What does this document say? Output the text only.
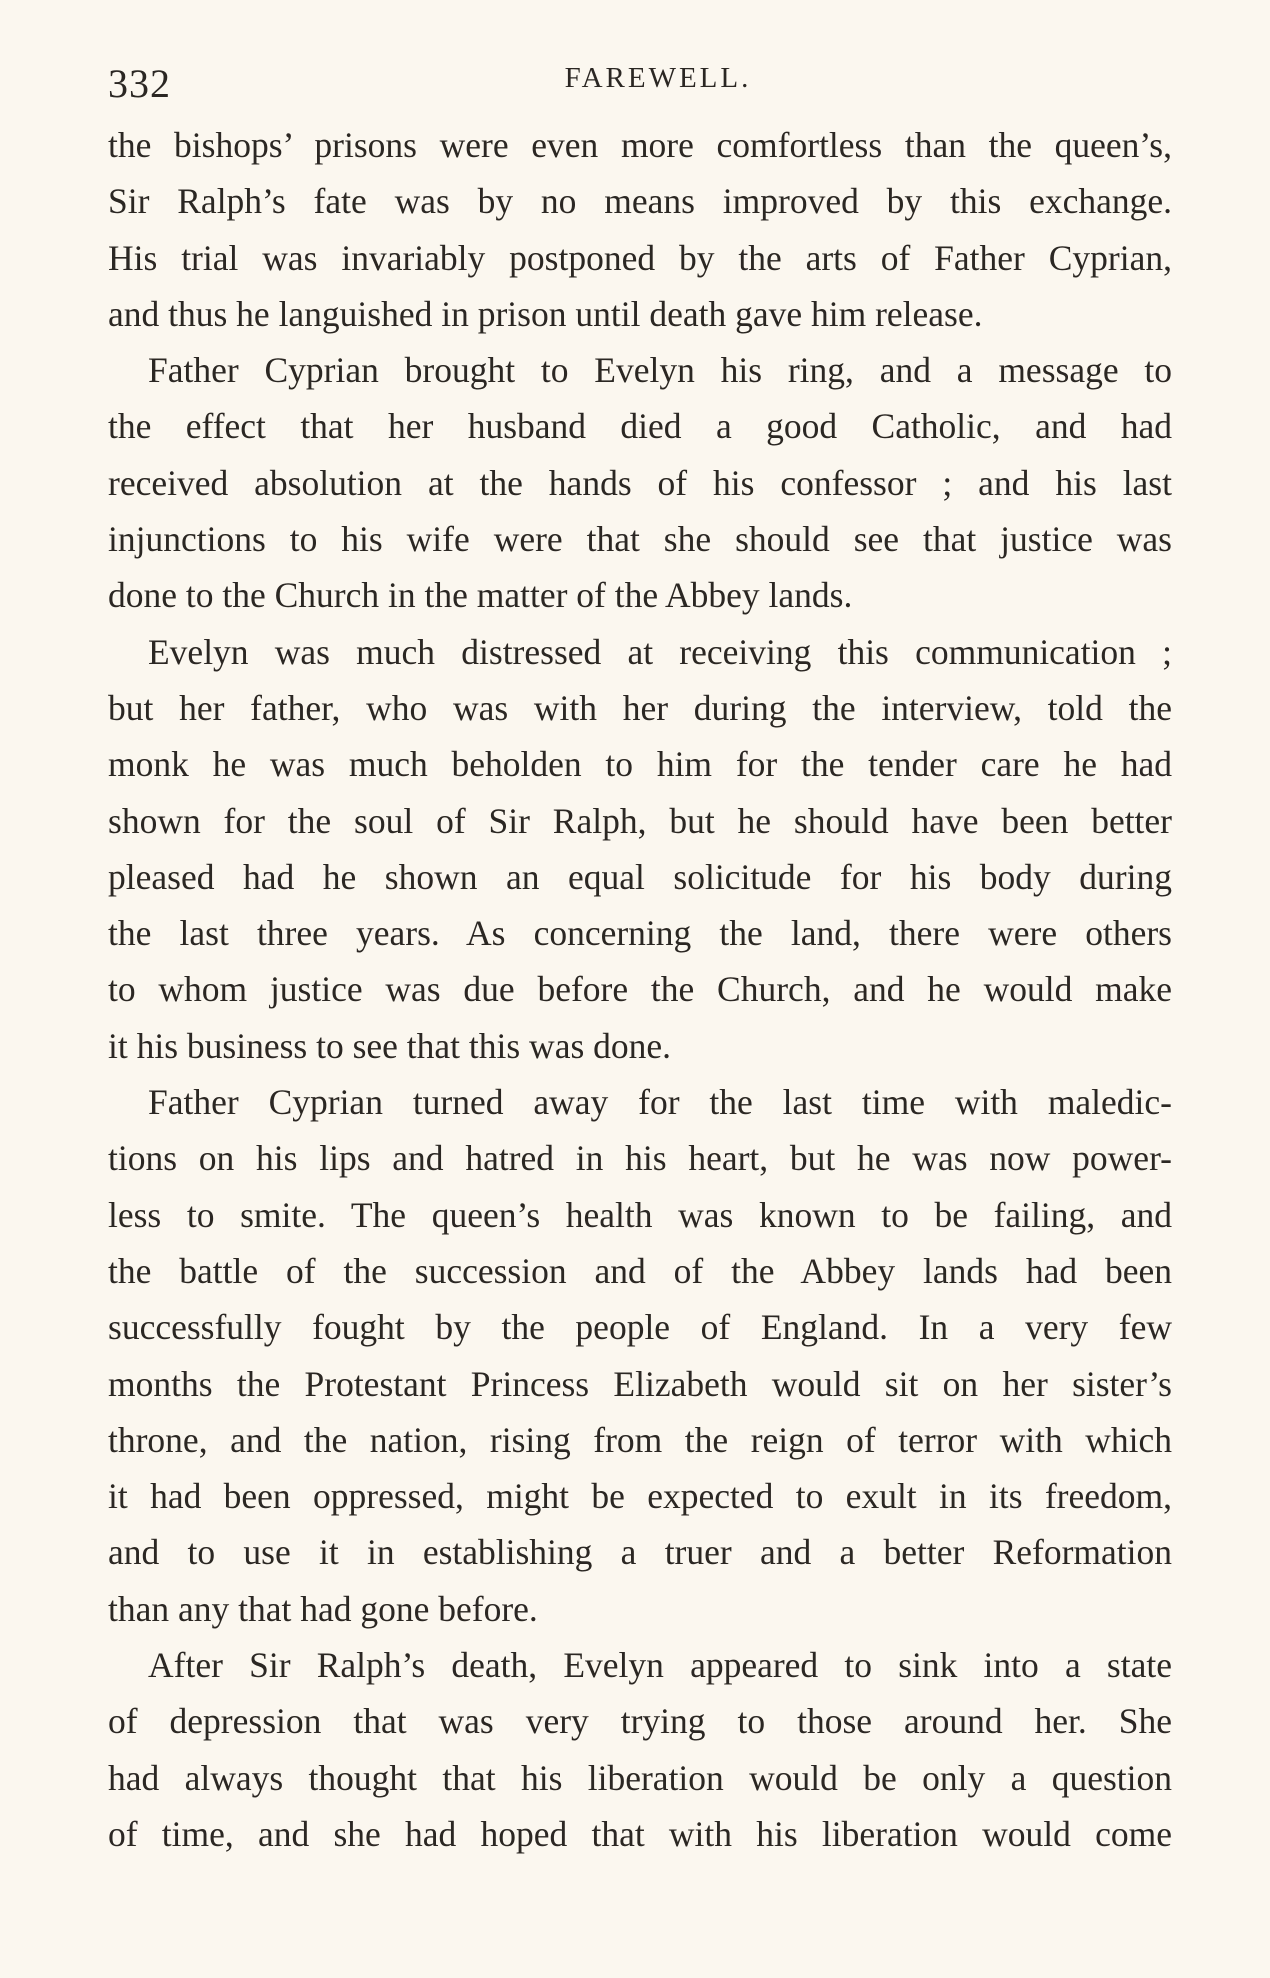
332	FAREWELL.
the bishops’ prisons were even more comfortless than the queen’s,
Sir Ralph’s fate was by no means improved by this exchange.
His trial was invariably postponed by the arts of Father Cyprian,
and thus he languished in prison until death gave him release.
Father Cyprian brought to Evelyn his ring, and a message to
the effect that her husband died a good Catholic, and had
received absolution at the hands of his confessor ; and his last
injunctions to his wife were that she should see that justice was
done to the Church in the matter of the Abbey lands.
Evelyn was much distressed at receiving this communication ;
but her father, who was with her during the interview, told the
monk he was much beholden to him for the tender care he had
shown for the soul of Sir Ralph, but he should have been better
pleased had he shown an equal solicitude for his body during
the last three years. As concerning the land, there were others
to whom justice was due before the Church, and he would make
it his business to see that this was done.
Father Cyprian turned away for the last time with maledic-
tions on his lips and hatred in his heart, but he was now power-
less to smite. The queen’s health was known to be failing, and
the battle of the succession and of the Abbey lands had been
successfully fought by the people of England. In a very few
months the Protestant Princess Elizabeth would sit on her sister’s
throne, and the nation, rising from the reign of terror with which
it had been oppressed, might be expected to exult in its freedom,
and to use it in establishing a truer and a better Reformation
than any that had gone before.
After Sir Ralph’s death, Evelyn appeared to sink into a state
of depression that was very trying to those around her. She
had always thought that his liberation would be only a question
of time, and she had hoped that with his liberation would come
